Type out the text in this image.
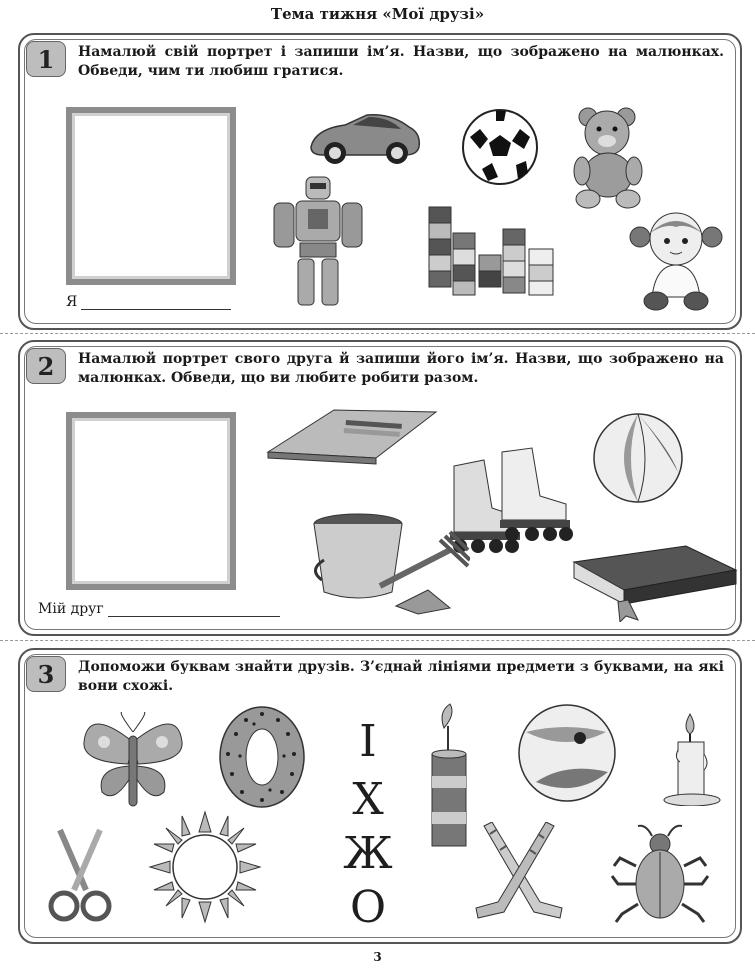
Тема тижня «Мої друзі»
1	Намалюй свій портрет і запиши ім’я. Назви, що зображено на малюнках. Обведи, чим ти любиш гратися.
Я
2	Намалюй портрет свого друга й запиши його ім’я. Назви, що зображено на малюнках. Обведи, що ви любите робити разом.
Мій друг
3	Допоможи буквам знайти друзів. З’єднай лініями предмети з буквами, на які вони схожі.
І
Х
Ж
О
3
